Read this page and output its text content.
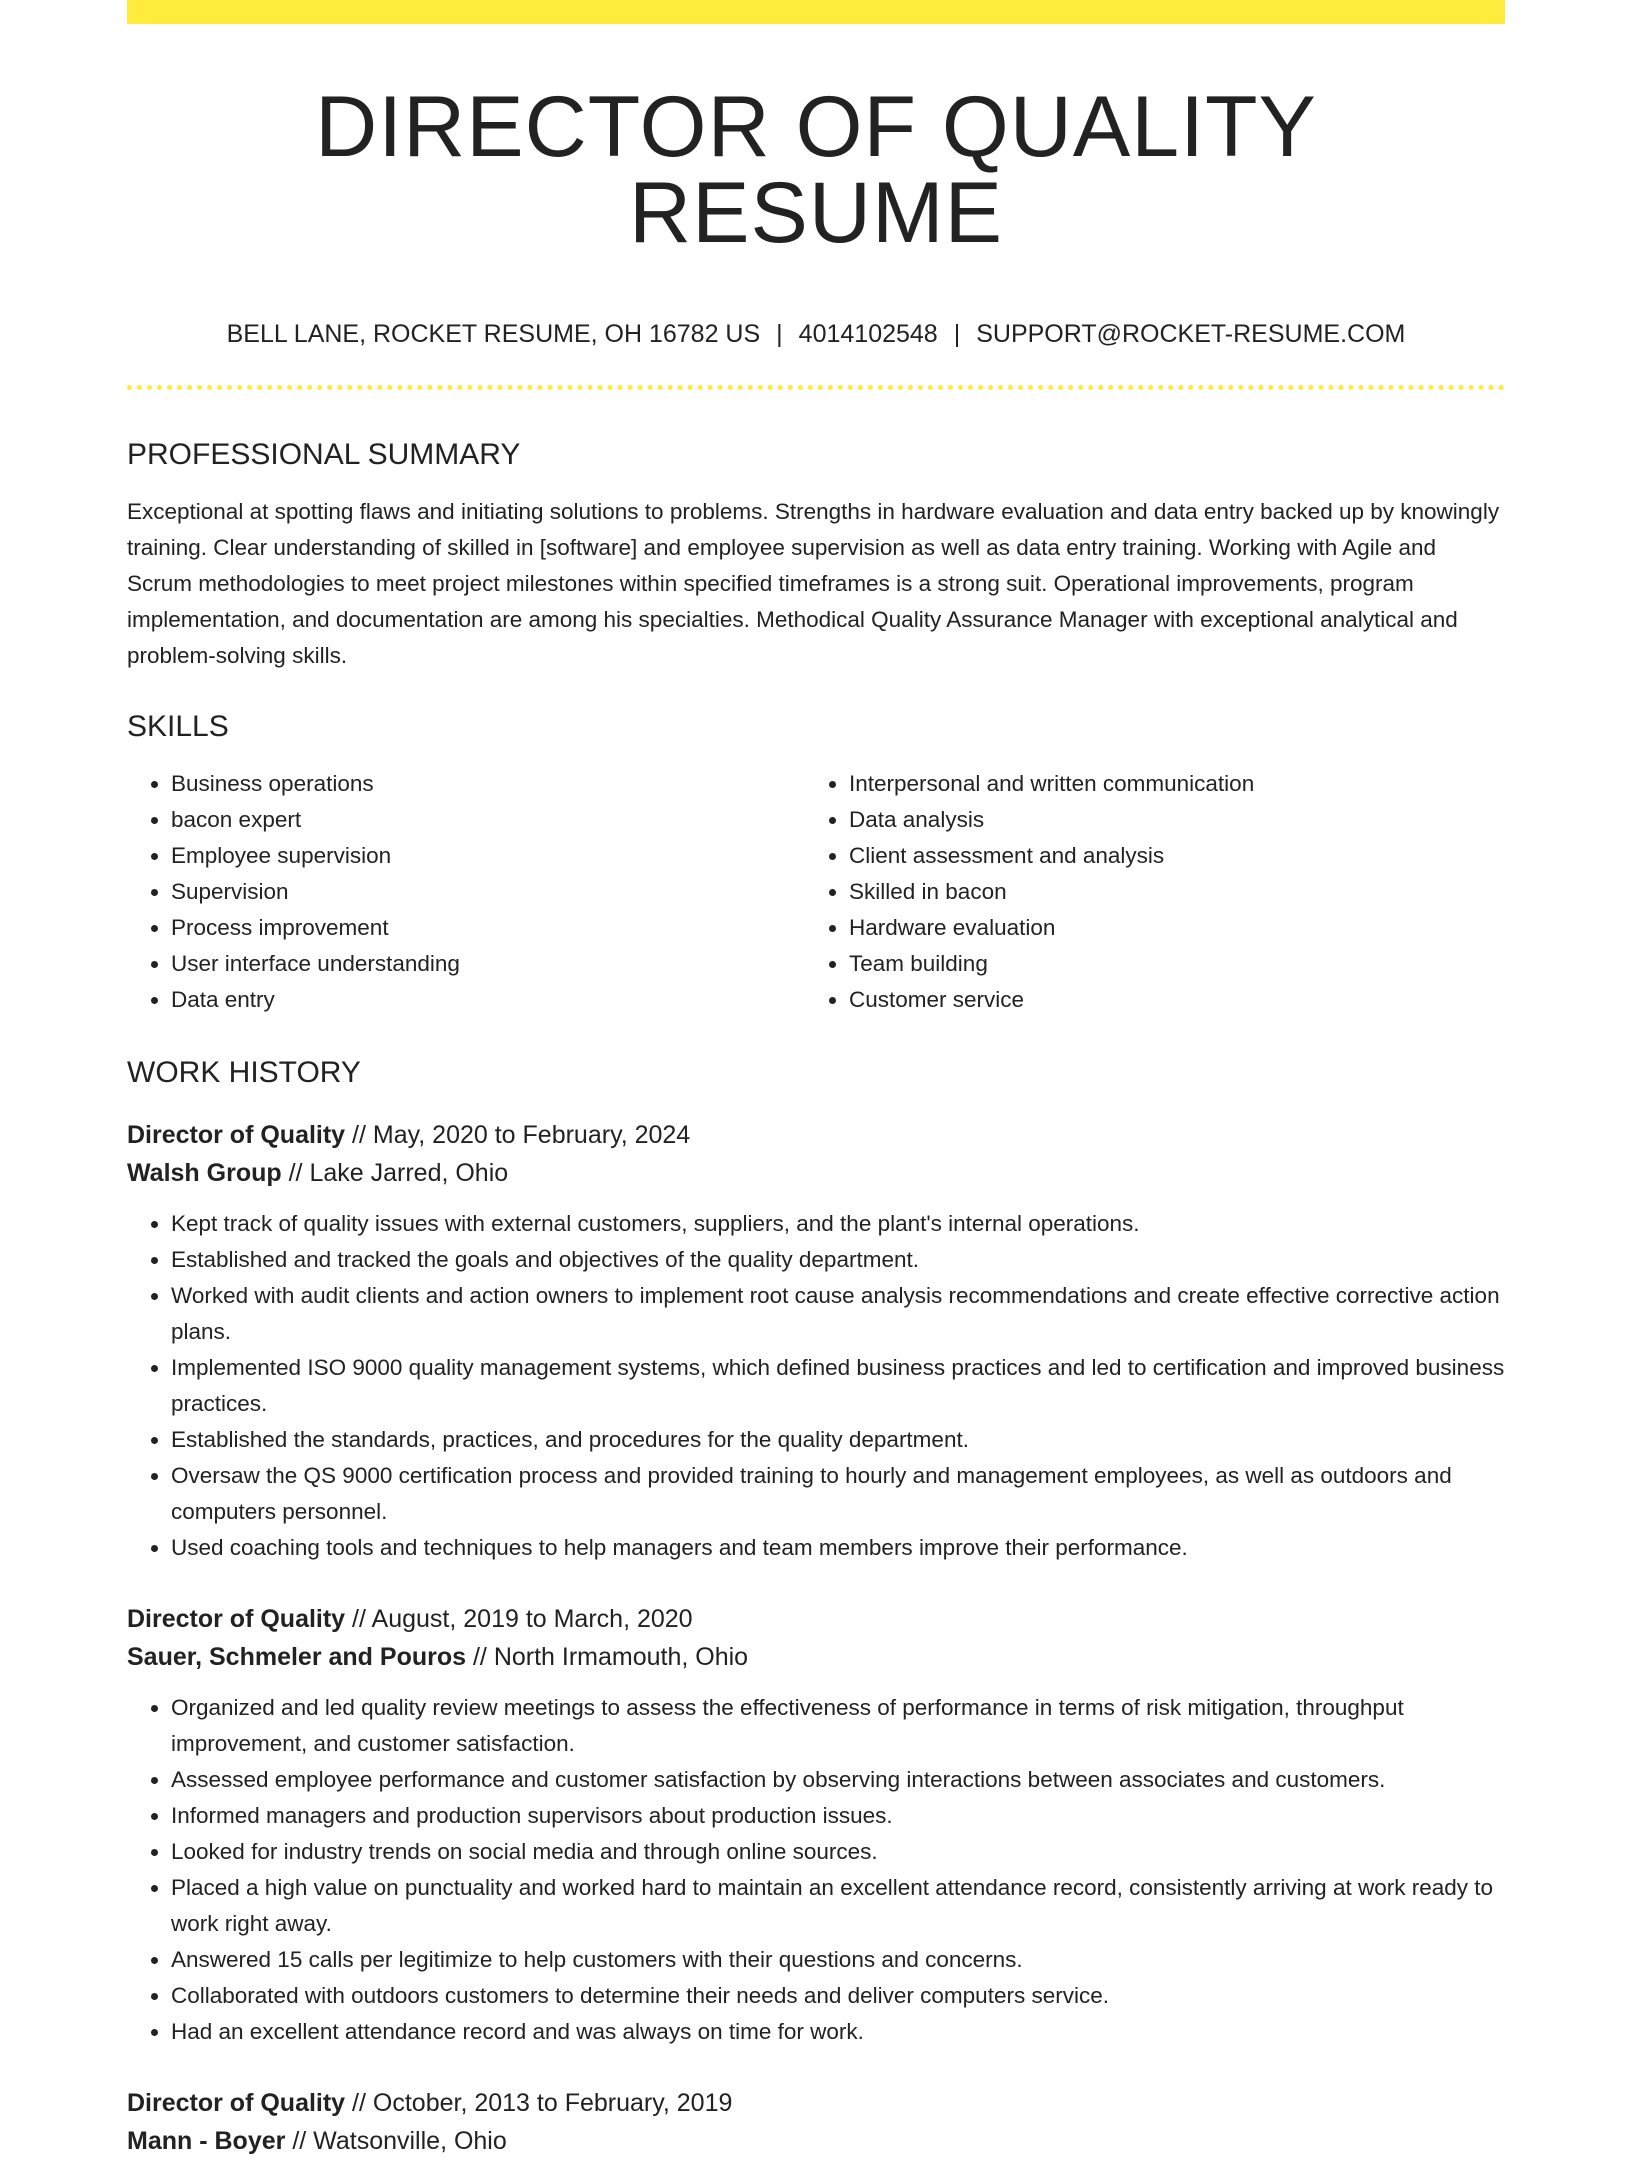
DIRECTOR OF QUALITY RESUME
BELL LANE, ROCKET RESUME, OH 16782 US | 4014102548 | SUPPORT@ROCKET-RESUME.COM
PROFESSIONAL SUMMARY

Exceptional at spotting flaws and initiating solutions to problems. Strengths in hardware evaluation and data entry backed up by knowingly training. Clear understanding of skilled in [software] and employee supervision as well as data entry training. Working with Agile and Scrum methodologies to meet project milestones within specified timeframes is a strong suit. Operational improvements, program implementation, and documentation are among his specialties. Methodical Quality Assurance Manager with exceptional analytical and problem-solving skills.

SKILLS
• Business operations
• bacon expert
• Employee supervision
• Supervision
• Process improvement
• User interface understanding
• Data entry
• Interpersonal and written communication
• Data analysis
• Client assessment and analysis
• Skilled in bacon
• Hardware evaluation
• Team building
• Customer service
WORK HISTORY
Director of Quality // May, 2020 to February, 2024
Walsh Group // Lake Jarred, Ohio
• Kept track of quality issues with external customers, suppliers, and the plant's internal operations.
• Established and tracked the goals and objectives of the quality department.
• Worked with audit clients and action owners to implement root cause analysis recommendations and create effective corrective action plans.
• Implemented ISO 9000 quality management systems, which defined business practices and led to certification and improved business practices.
• Established the standards, practices, and procedures for the quality department.
• Oversaw the QS 9000 certification process and provided training to hourly and management employees, as well as outdoors and computers personnel.
• Used coaching tools and techniques to help managers and team members improve their performance.
Director of Quality // August, 2019 to March, 2020
Sauer, Schmeler and Pouros // North Irmamouth, Ohio
• Organized and led quality review meetings to assess the effectiveness of performance in terms of risk mitigation, throughput improvement, and customer satisfaction.
• Assessed employee performance and customer satisfaction by observing interactions between associates and customers.
• Informed managers and production supervisors about production issues.
• Looked for industry trends on social media and through online sources.
• Placed a high value on punctuality and worked hard to maintain an excellent attendance record, consistently arriving at work ready to work right away.
• Answered 15 calls per legitimize to help customers with their questions and concerns.
• Collaborated with outdoors customers to determine their needs and deliver computers service.
• Had an excellent attendance record and was always on time for work.
Director of Quality // October, 2013 to February, 2019
Mann - Boyer // Watsonville, Ohio
